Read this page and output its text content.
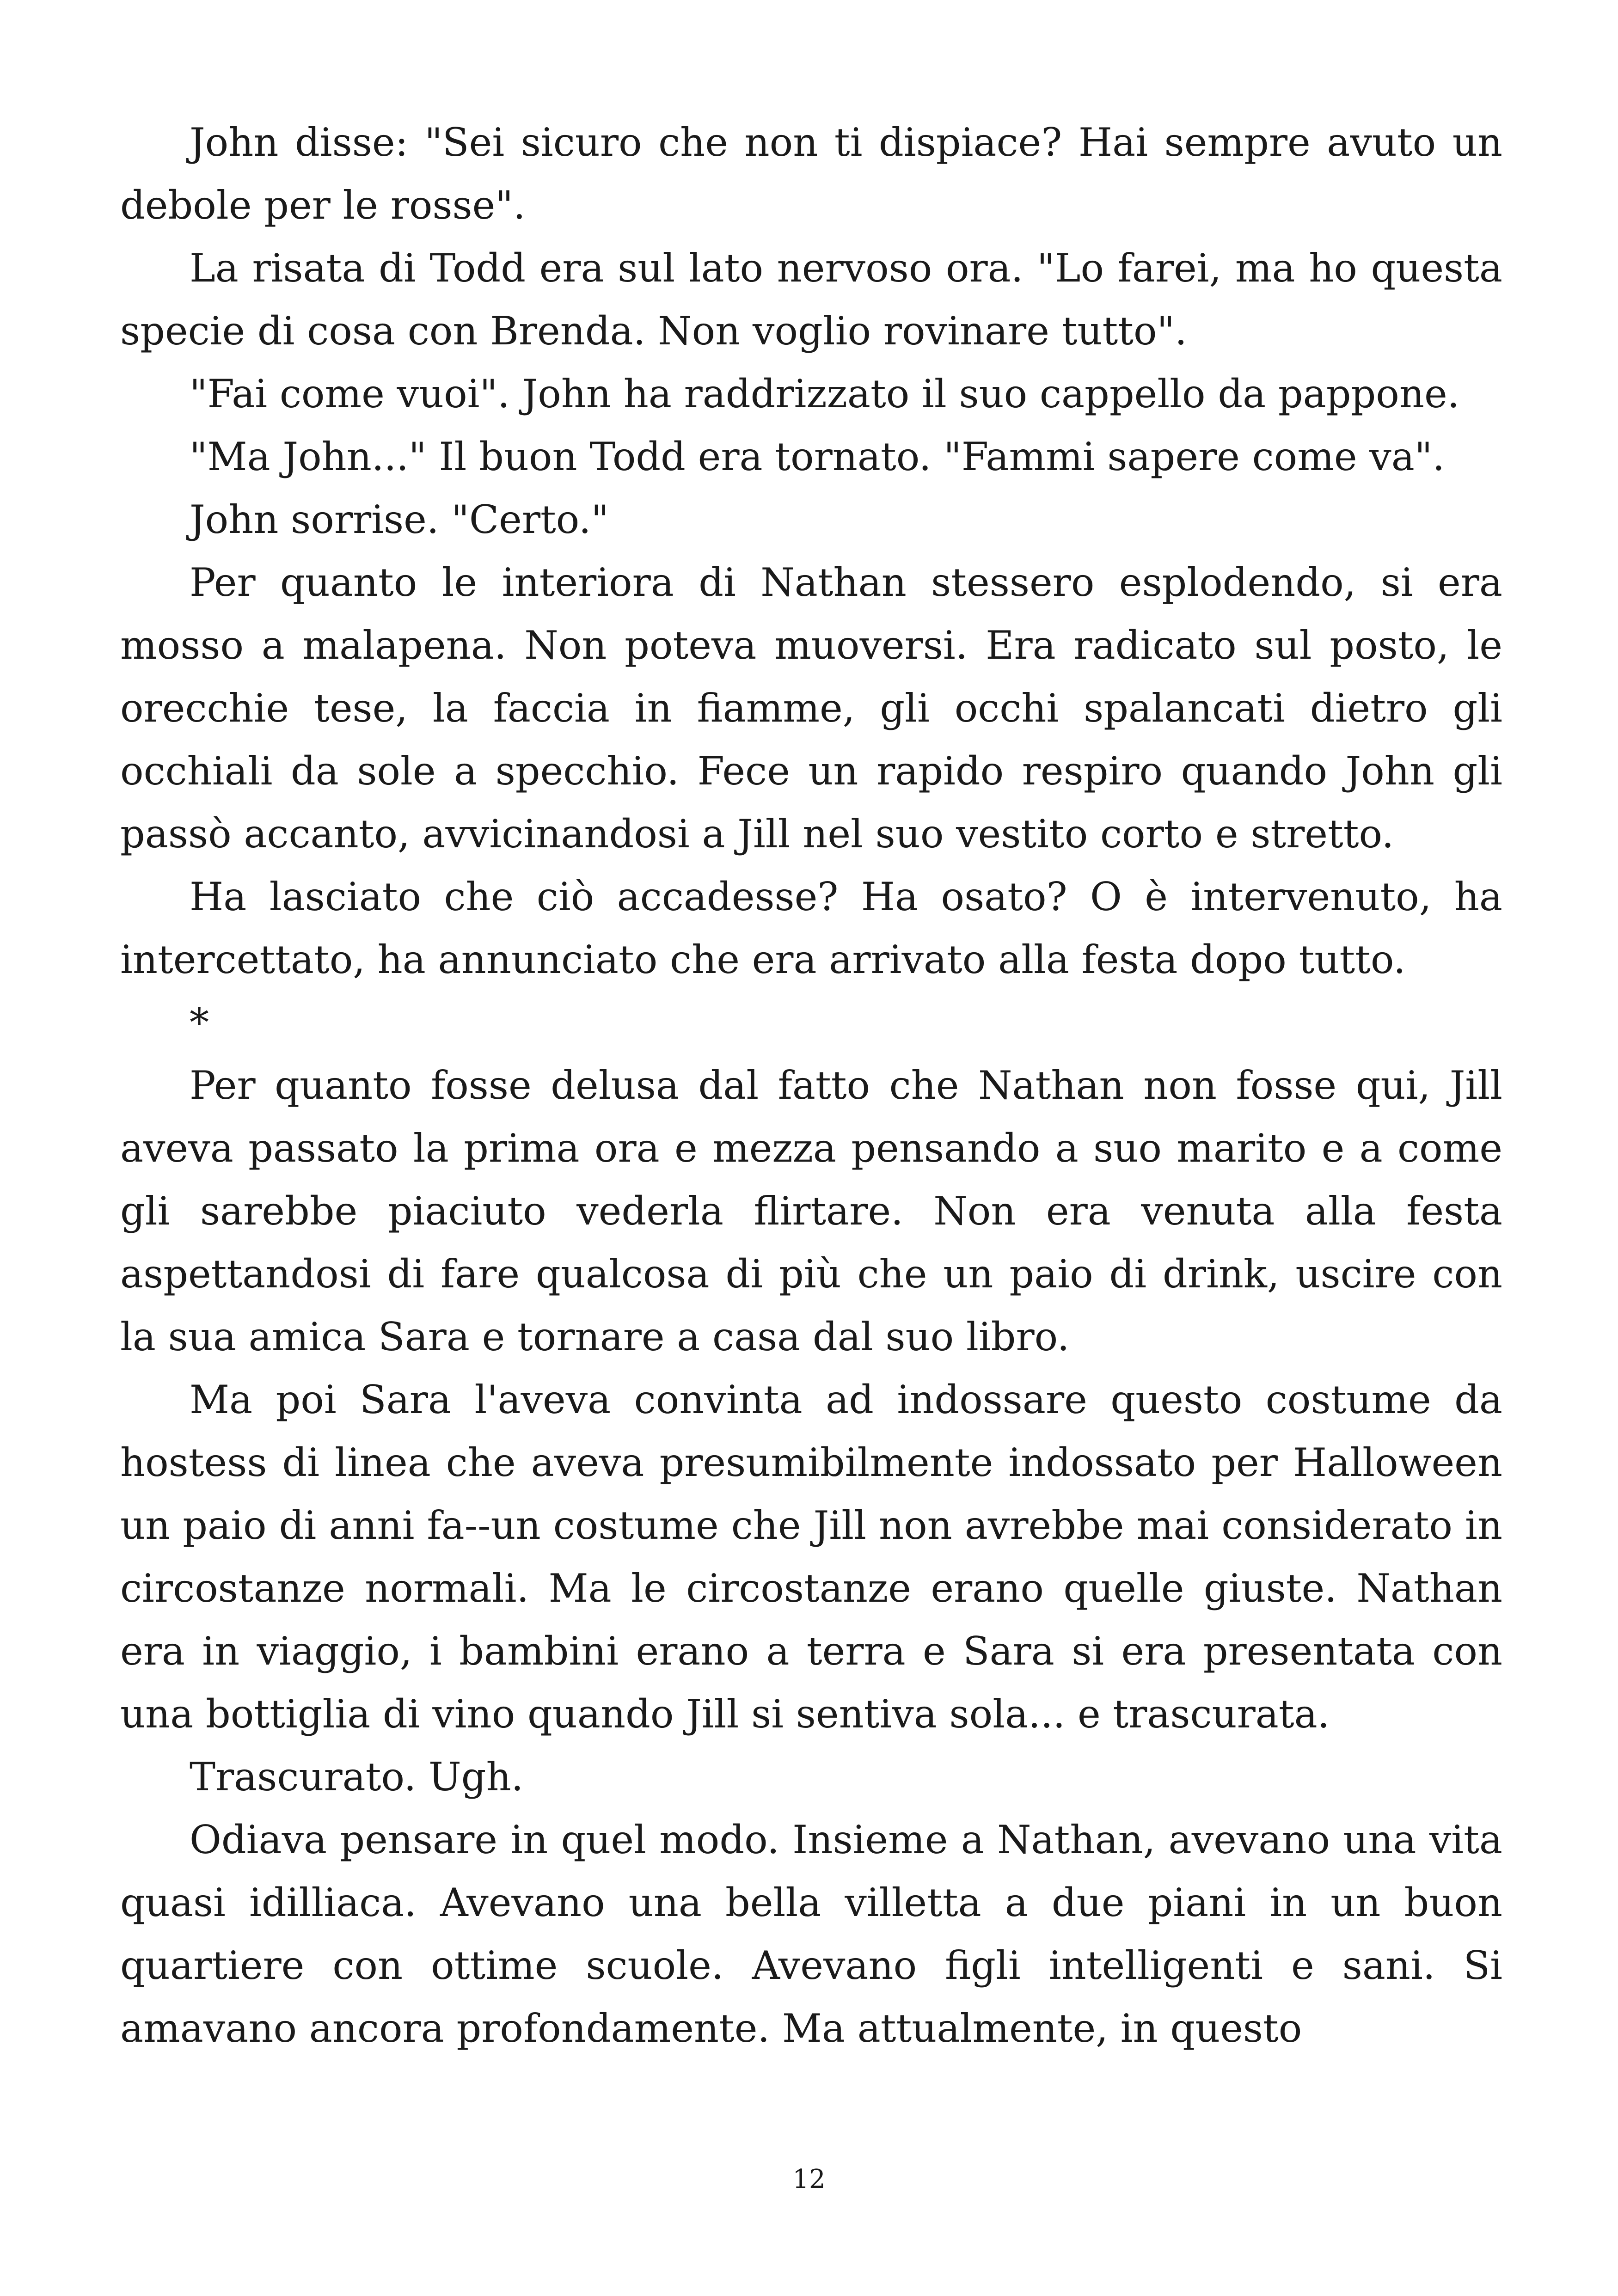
John disse: "Sei sicuro che non ti dispiace? Hai sempre avuto un debole per le rosse".

La risata di Todd era sul lato nervoso ora. "Lo farei, ma ho questa specie di cosa con Brenda. Non voglio rovinare tutto".

"Fai come vuoi". John ha raddrizzato il suo cappello da pappone.

"Ma John..." Il buon Todd era tornato. "Fammi sapere come va".

John sorrise. "Certo."

Per quanto le interiora di Nathan stessero esplodendo, si era mosso a malapena. Non poteva muoversi. Era radicato sul posto, le orecchie tese, la faccia in fiamme, gli occhi spalancati dietro gli occhiali da sole a specchio. Fece un rapido respiro quando John gli passò accanto, avvicinandosi a Jill nel suo vestito corto e stretto.

Ha lasciato che ciò accadesse? Ha osato? O è intervenuto, ha intercettato, ha annunciato che era arrivato alla festa dopo tutto.

*

Per quanto fosse delusa dal fatto che Nathan non fosse qui, Jill aveva passato la prima ora e mezza pensando a suo marito e a come gli sarebbe piaciuto vederla flirtare. Non era venuta alla festa aspettandosi di fare qualcosa di più che un paio di drink, uscire con la sua amica Sara e tornare a casa dal suo libro.

Ma poi Sara l'aveva convinta ad indossare questo costume da hostess di linea che aveva presumibilmente indossato per Halloween un paio di anni fa--un costume che Jill non avrebbe mai considerato in circostanze normali. Ma le circostanze erano quelle giuste. Nathan era in viaggio, i bambini erano a terra e Sara si era presentata con una bottiglia di vino quando Jill si sentiva sola... e trascurata.

Trascurato. Ugh.

Odiava pensare in quel modo. Insieme a Nathan, avevano una vita quasi idilliaca. Avevano una bella villetta a due piani in un buon quartiere con ottime scuole. Avevano figli intelligenti e sani. Si amavano ancora profondamente. Ma attualmente, in questo

12
